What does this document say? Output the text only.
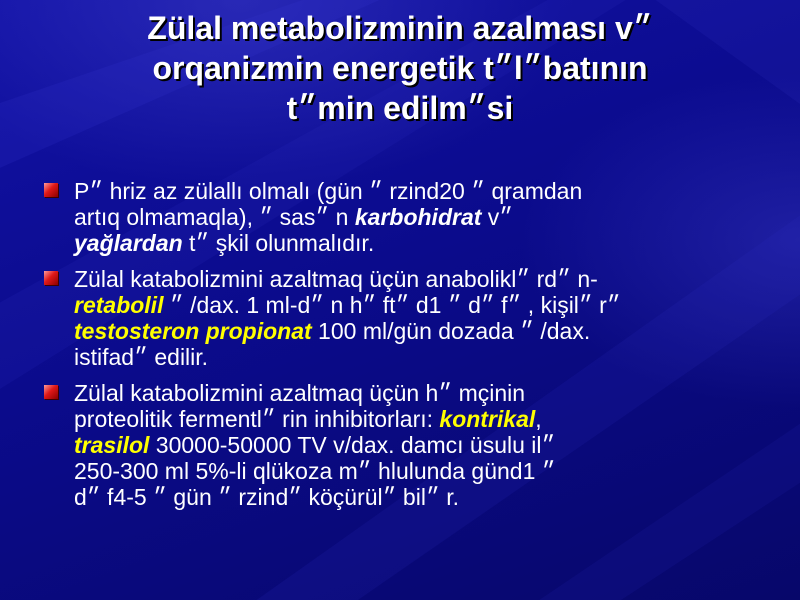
Zülal metabolizminin azalması v״
orqanizmin energetik t״l״batının
t״min edilm״si
P״ hriz az zülallı olmalı (gün ״ rzind״ 20 qramdan
artıq olmamaqla), ״ sas״ n karbohidrat v״
yağlardan t״ şkil olunmalıdır.
Zülal katabolizmini azaltmaq üçün anabolikl״ rd״ n-
retabolil ״ /dax. 1 ml-d״ n h״ ft״ d״ 1 d״ f״ , kişil״ r״
testosteron propionat 100 ml/gün dozada ״ /dax.
istifad״ edilir.
Zülal katabolizmini azaltmaq üçün h״ mçinin
proteolitik fermentl״ rin inhibitorları: kontrikal,
trasilol 30000-50000 TV v/dax. damcı üsulu il״
250-300 ml 5%-li qlükoza m״ hlulunda günd״ 1
d״ f״ 4-5 gün ״ rzind״ köçürül״ bil״ r.
